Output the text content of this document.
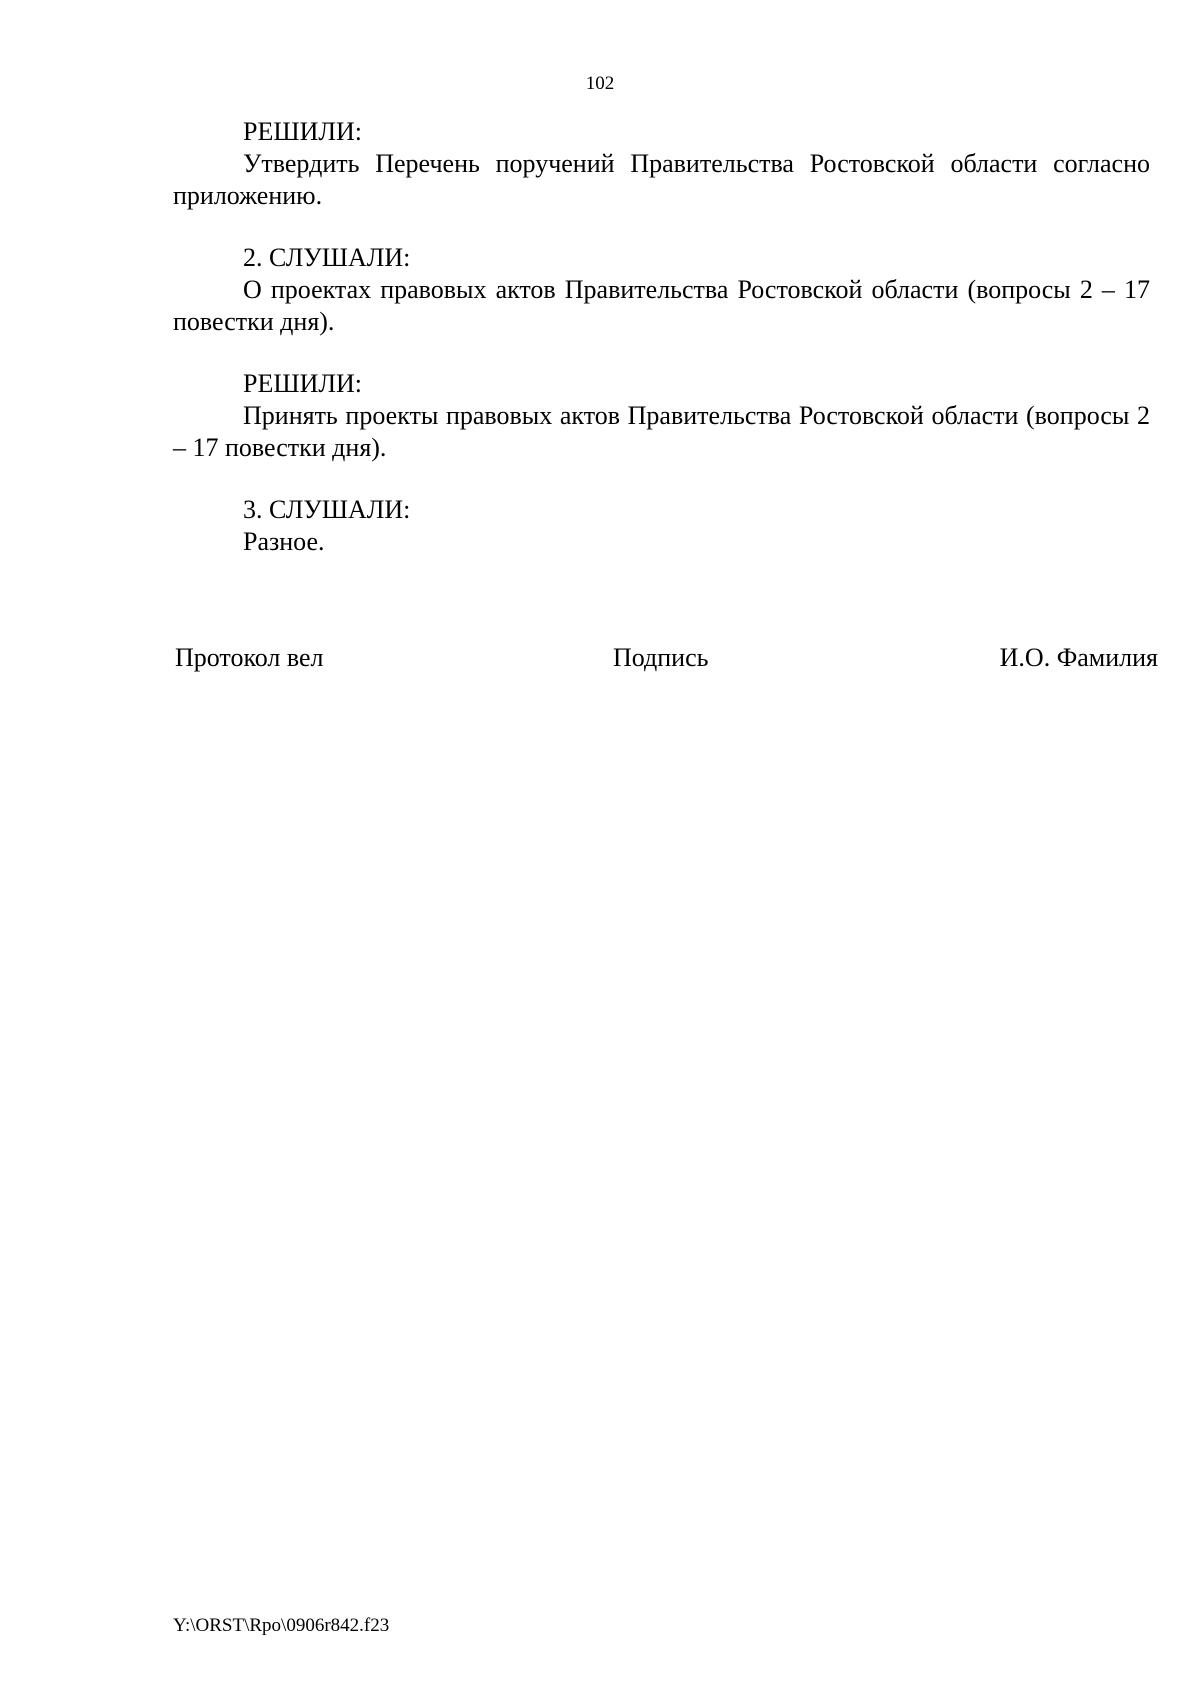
102

РЕШИЛИ:

Утвердить Перечень поручений Правительства Ростовской области согласно приложению.

2. СЛУШАЛИ:

О проектах правовых актов Правительства Ростовской области (вопросы 2 – 17 повестки дня).

РЕШИЛИ:

Принять проекты правовых актов Правительства Ростовской области (вопросы 2 – 17 повестки дня).

3. СЛУШАЛИ:

Разное.

Протокол вел	Подпись	И.О. Фамилия
Y:\ORST\Rpo\0906r842.f23
